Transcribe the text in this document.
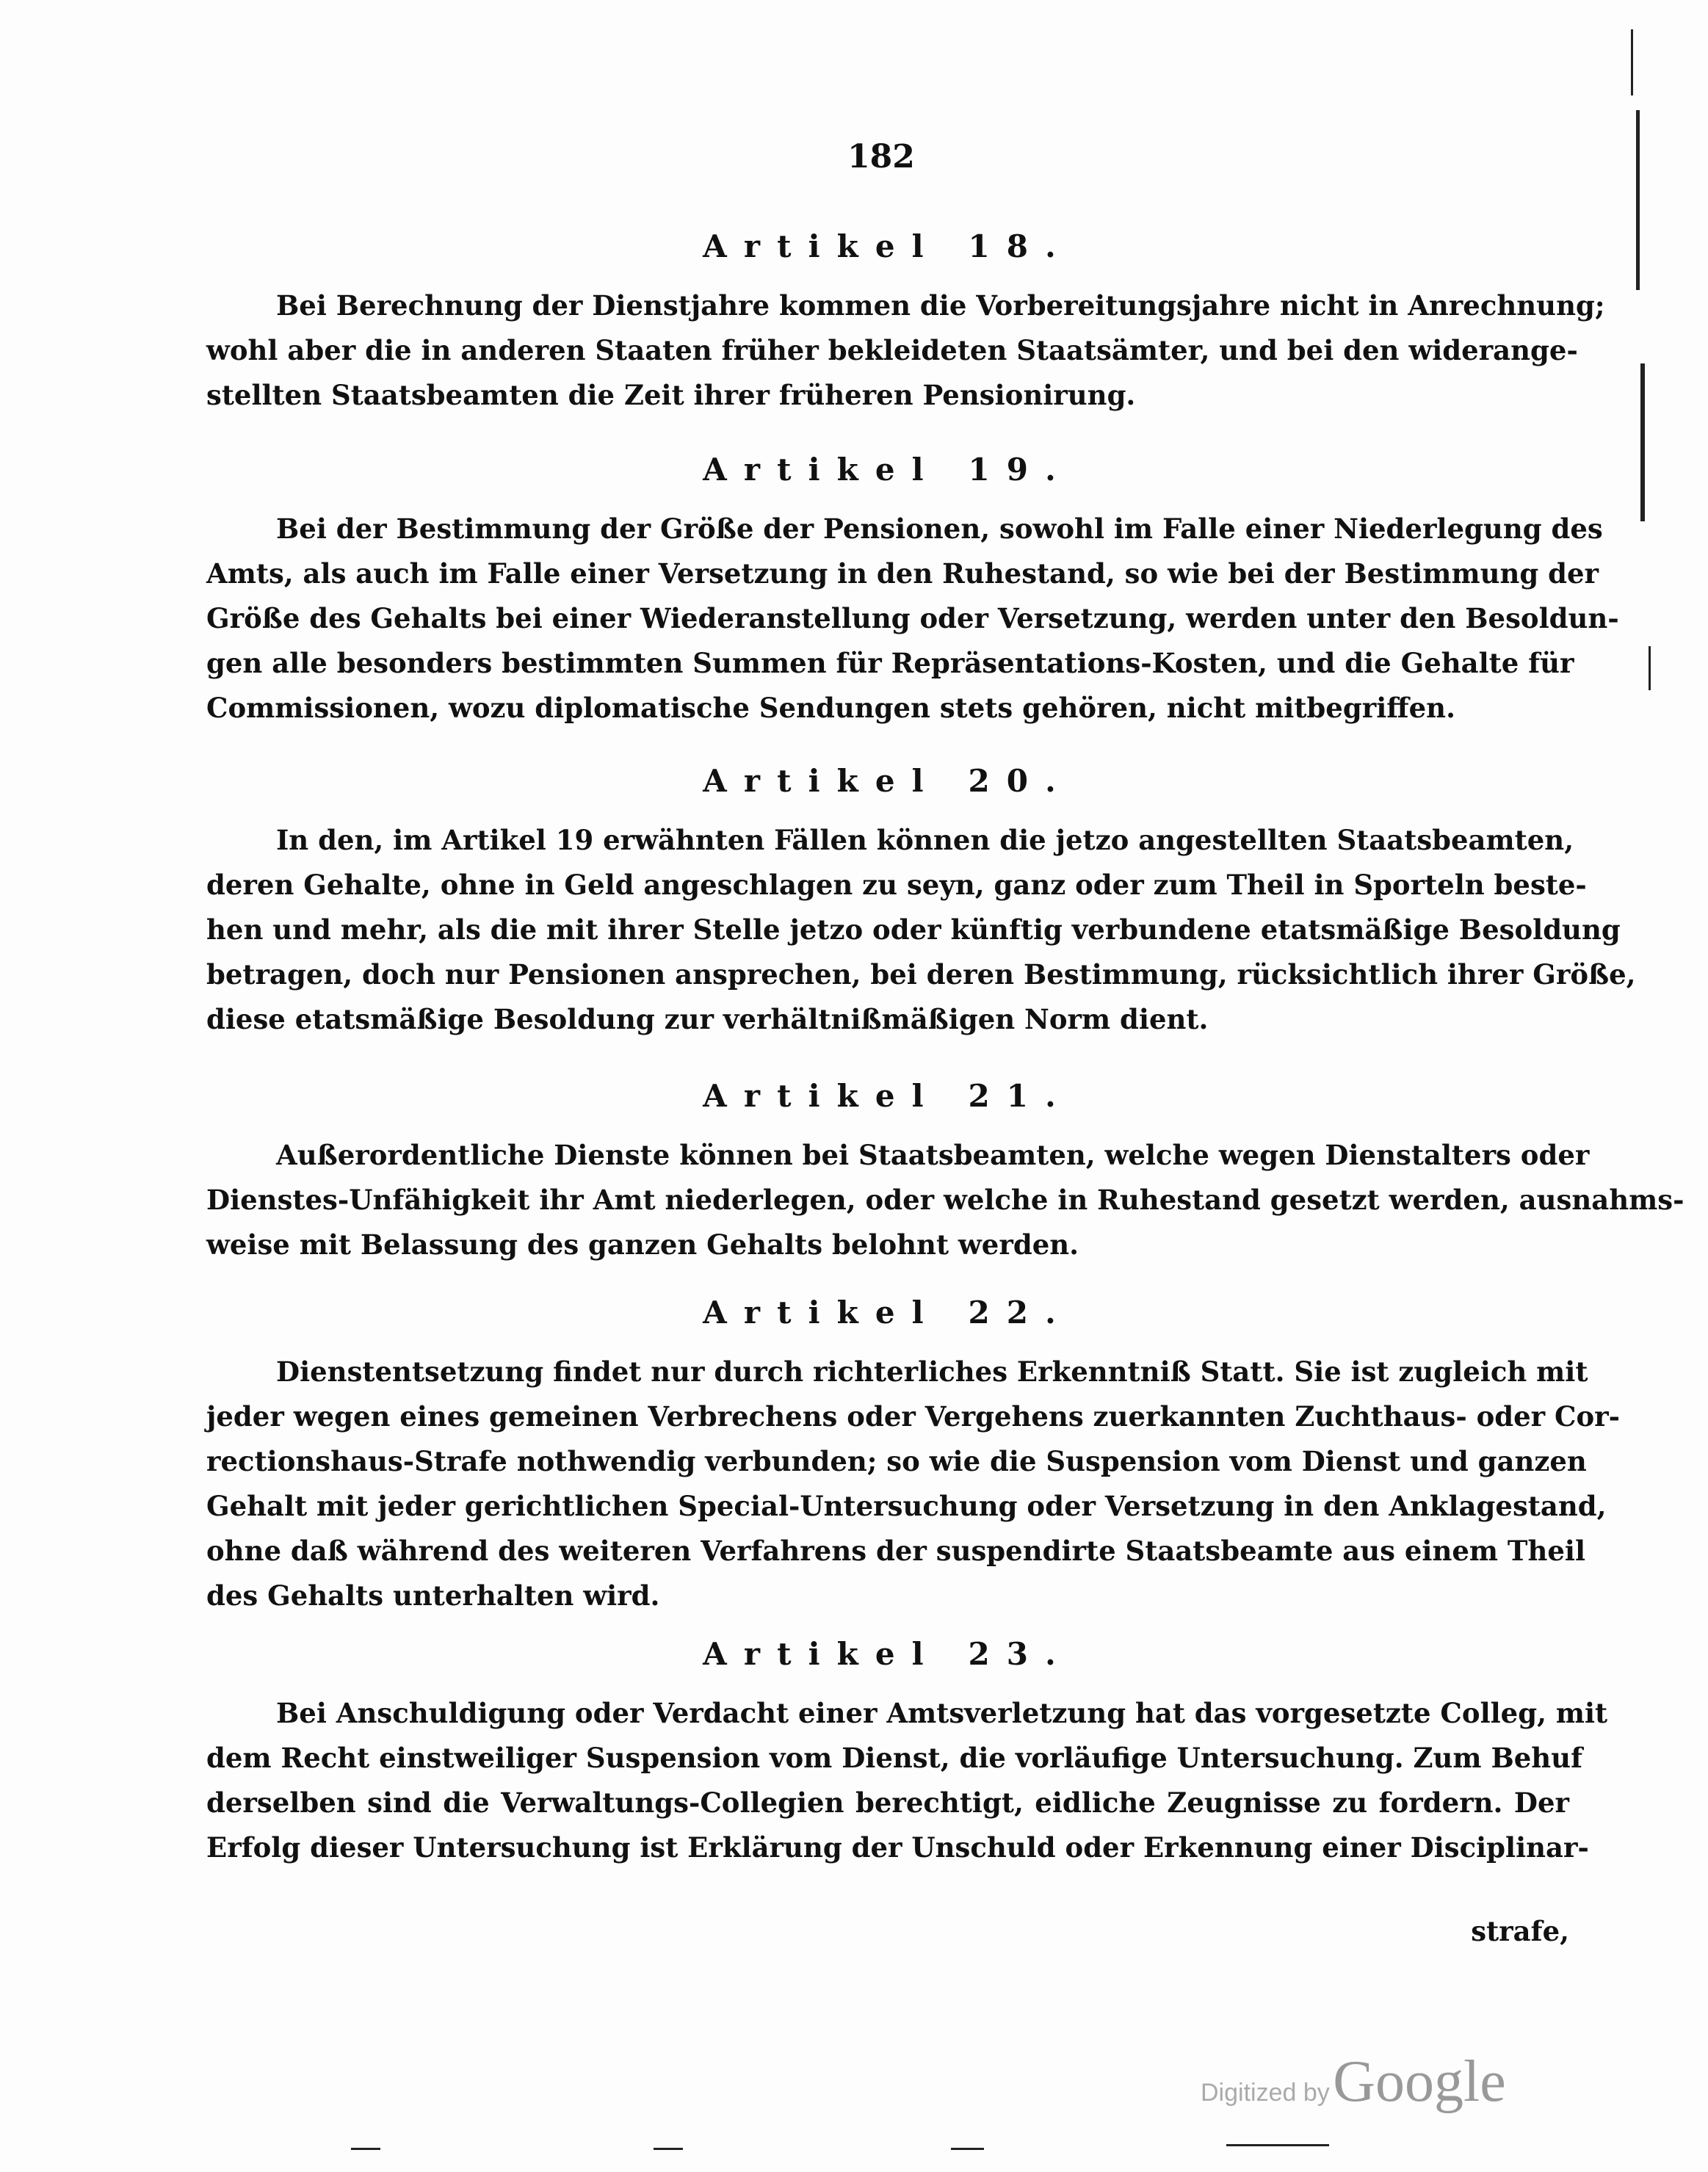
182
Artikel 18.
Bei Berechnung der Dienstjahre kommen die Vorbereitungsjahre nicht in Anrechnung;
wohl aber die in anderen Staaten früher bekleideten Staatsämter, und bei den widerange-
stellten Staatsbeamten die Zeit ihrer früheren Pensionirung.
Artikel 19.
Bei der Bestimmung der Größe der Pensionen, sowohl im Falle einer Niederlegung des
Amts, als auch im Falle einer Versetzung in den Ruhestand, so wie bei der Bestimmung der
Größe des Gehalts bei einer Wiederanstellung oder Versetzung, werden unter den Besoldun-
gen alle besonders bestimmten Summen für Repräsentations-Kosten, und die Gehalte für
Commissionen, wozu diplomatische Sendungen stets gehören, nicht mitbegriffen.
Artikel 20.
In den, im Artikel 19 erwähnten Fällen können die jetzo angestellten Staatsbeamten,
deren Gehalte, ohne in Geld angeschlagen zu seyn, ganz oder zum Theil in Sporteln beste-
hen und mehr, als die mit ihrer Stelle jetzo oder künftig verbundene etatsmäßige Besoldung
betragen, doch nur Pensionen ansprechen, bei deren Bestimmung, rücksichtlich ihrer Größe,
diese etatsmäßige Besoldung zur verhältnißmäßigen Norm dient.
Artikel 21.
Außerordentliche Dienste können bei Staatsbeamten, welche wegen Dienstalters oder
Dienstes-Unfähigkeit ihr Amt niederlegen, oder welche in Ruhestand gesetzt werden, ausnahms-
weise mit Belassung des ganzen Gehalts belohnt werden.
Artikel 22.
Dienstentsetzung findet nur durch richterliches Erkenntniß Statt. Sie ist zugleich mit
jeder wegen eines gemeinen Verbrechens oder Vergehens zuerkannten Zuchthaus- oder Cor-
rectionshaus-Strafe nothwendig verbunden; so wie die Suspension vom Dienst und ganzen
Gehalt mit jeder gerichtlichen Special-Untersuchung oder Versetzung in den Anklagestand,
ohne daß während des weiteren Verfahrens der suspendirte Staatsbeamte aus einem Theil
des Gehalts unterhalten wird.
Artikel 23.
Bei Anschuldigung oder Verdacht einer Amtsverletzung hat das vorgesetzte Colleg, mit
dem Recht einstweiliger Suspension vom Dienst, die vorläufige Untersuchung. Zum Behuf
derselben sind die Verwaltungs-Collegien berechtigt, eidliche Zeugnisse zu fordern. Der
Erfolg dieser Untersuchung ist Erklärung der Unschuld oder Erkennung einer Disciplinar-
strafe,
Digitized by Google
